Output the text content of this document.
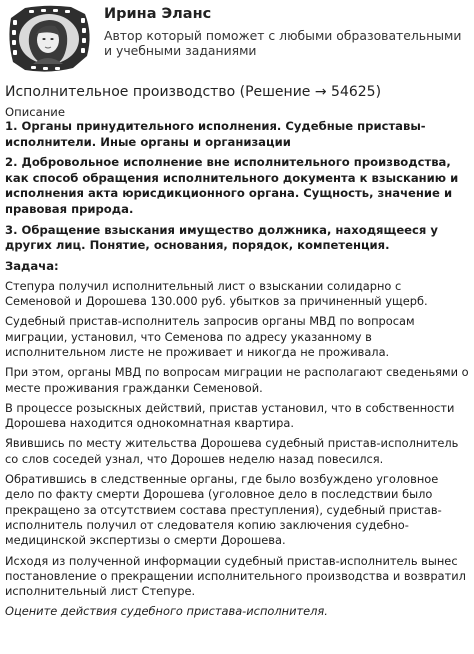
Ирина Эланс
Автор который поможет с любыми образовательными и учебными заданиями
Исполнительное производство (Решение → 54625)
Описание
1. Органы принудительного исполнения. Судебные приставы-исполнители. Иные органы и организации
2. Добровольное исполнение вне исполнительного производства, как способ обращения исполнительного документа к взысканию и исполнения акта юрисдикционного органа. Сущность, значение и правовая природа.
3. Обращение взыскания имущество должника, находящееся у других лиц. Понятие, основания, порядок, компетенция.
Задача:
Степура получил исполнительный лист о взыскании солидарно с Семеновой и Дорошева 130.000 руб. убытков за причиненный ущерб.
Судебный пристав-исполнитель запросив органы МВД по вопросам миграции, установил, что Семенова по адресу указанному в исполнительном листе не проживает и никогда не проживала.
При этом, органы МВД по вопросам миграции не располагают сведеньями о месте проживания гражданки Семеновой.
В процессе розыскных действий, пристав установил, что в собственности Дорошева находится однокомнатная квартира.
Явившись по месту жительства Дорошева судебный пристав-исполнитель со слов соседей узнал, что Дорошев неделю назад повесился.
Обратившись в следственные органы, где было возбуждено уголовное дело по факту смерти Дорошева (уголовное дело в последствии было прекращено за отсутствием состава преступления), судебный пристав-исполнитель получил от следователя копию заключения судебно-медицинской экспертизы о смерти Дорошева.
Исходя из полученной информации судебный пристав-исполнитель вынес постановление о прекращении исполнительного производства и возвратил исполнительный лист Степуре.
Оцените действия судебного пристава-исполнителя.
